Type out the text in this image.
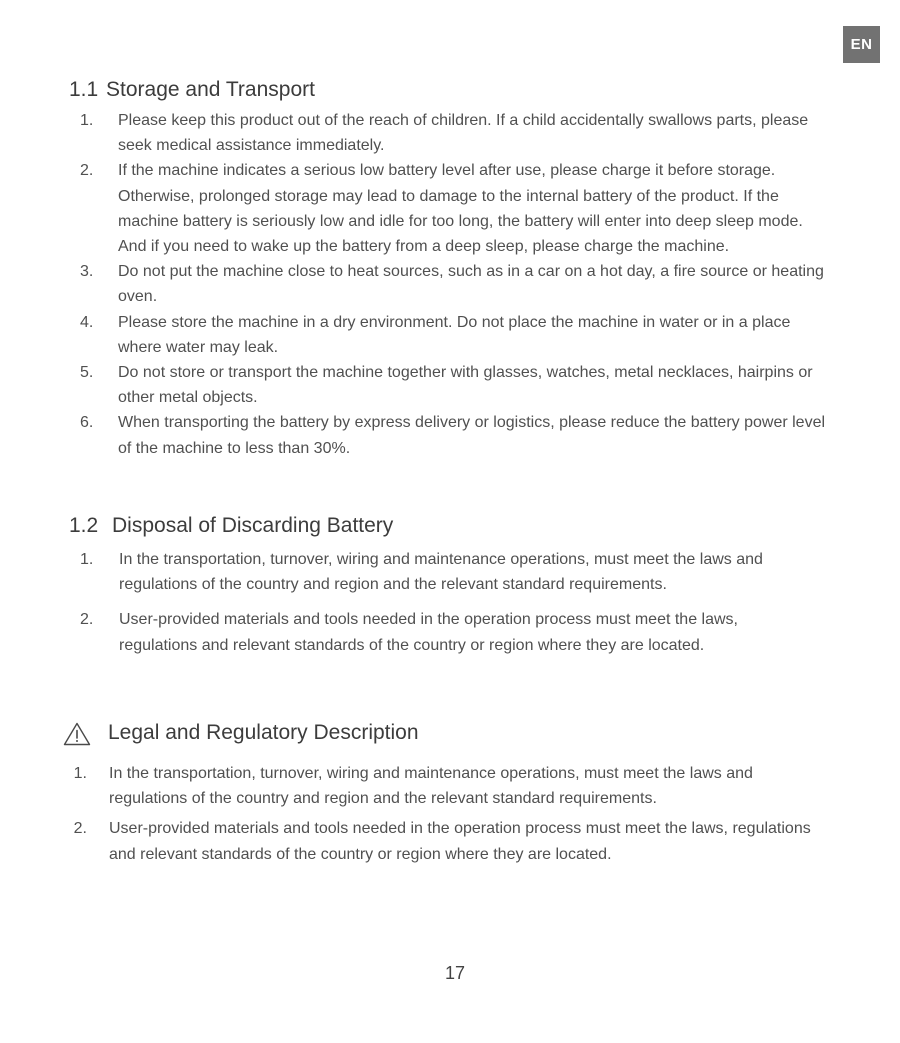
EN
1.1 Storage and Transport
1. Please keep this product out of the reach of children. If a child accidentally swallows parts, please seek medical assistance immediately.
2. If the machine indicates a serious low battery level after use, please charge it before storage. Otherwise, prolonged storage may lead to damage to the internal battery of the product. If the machine battery is seriously low and idle for too long, the battery will enter into deep sleep mode. And if you need to wake up the battery from a deep sleep, please charge the machine.
3. Do not put the machine close to heat sources, such as in a car on a hot day, a fire source or heating oven.
4. Please store the machine in a dry environment. Do not place the machine in water or in a place where water may leak.
5. Do not store or transport the machine together with glasses, watches, metal necklaces, hairpins or other metal objects.
6. When transporting the battery by express delivery or logistics, please reduce the battery power level of the machine to less than 30%.
1.2 Disposal of Discarding Battery
1. In the transportation, turnover, wiring and maintenance operations, must meet the laws and regulations of the country and region and the relevant standard requirements.
2. User-provided materials and tools needed in the operation process must meet the laws, regulations and relevant standards of the country or region where they are located.
Legal and Regulatory Description
1. In the transportation, turnover, wiring and maintenance operations, must meet the laws and regulations of the country and region and the relevant standard requirements.
2. User-provided materials and tools needed in the operation process must meet the laws, regulations and relevant standards of the country or region where they are located.
17
